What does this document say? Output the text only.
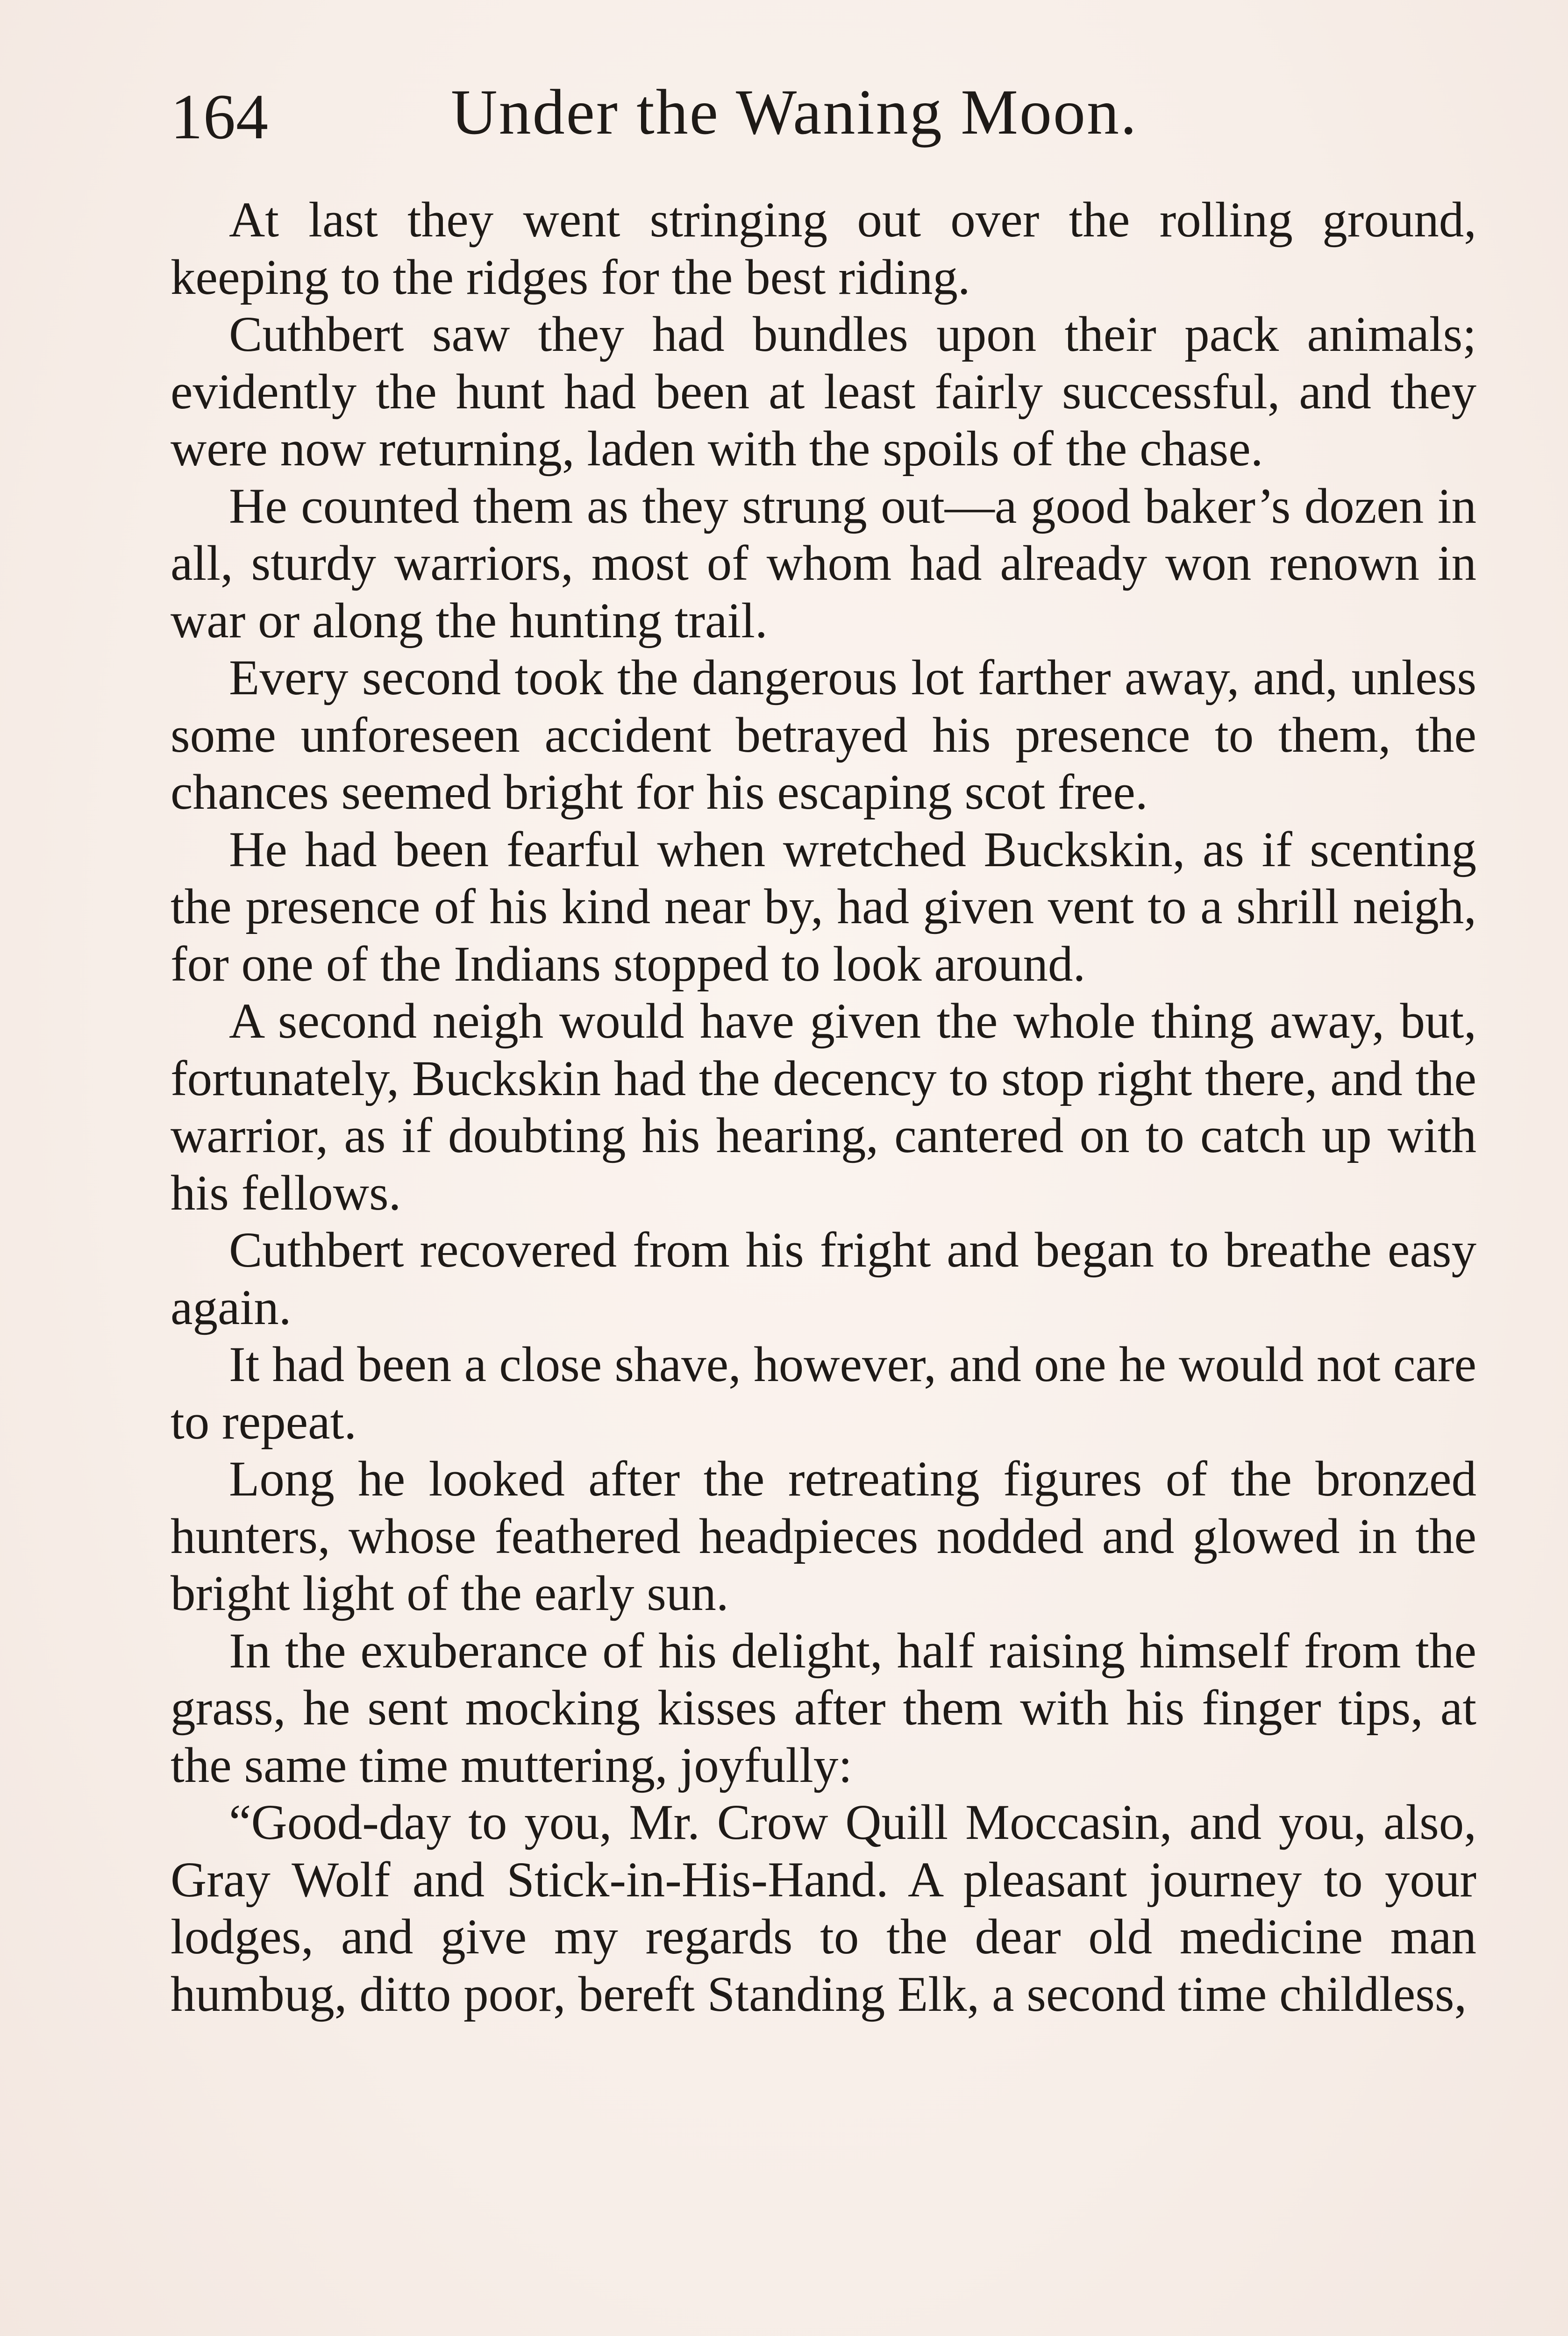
164	Under the Waning Moon.

At last they went stringing out over the rolling ground, keeping to the ridges for the best riding.

Cuthbert saw they had bundles upon their pack animals; evidently the hunt had been at least fairly successful, and they were now returning, laden with the spoils of the chase.

He counted them as they strung out—a good baker’s dozen in all, sturdy warriors, most of whom had already won renown in war or along the hunting trail.

Every second took the dangerous lot farther away, and, unless some unforeseen accident betrayed his presence to them, the chances seemed bright for his escaping scot free.

He had been fearful when wretched Buckskin, as if scenting the presence of his kind near by, had given vent to a shrill neigh, for one of the Indians stopped to look around.

A second neigh would have given the whole thing away, but, fortunately, Buckskin had the decency to stop right there, and the warrior, as if doubting his hearing, cantered on to catch up with his fellows.

Cuthbert recovered from his fright and began to breathe easy again.

It had been a close shave, however, and one he would not care to repeat.

Long he looked after the retreating figures of the bronzed hunters, whose feathered headpieces nodded and glowed in the bright light of the early sun.

In the exuberance of his delight, half raising himself from the grass, he sent mocking kisses after them with his finger tips, at the same time muttering, joyfully:

“Good-day to you, Mr. Crow Quill Moccasin, and you, also, Gray Wolf and Stick-in-His-Hand. A pleasant journey to your lodges, and give my regards to the dear old medicine man humbug, ditto poor, bereft Standing Elk, a second time childless,
